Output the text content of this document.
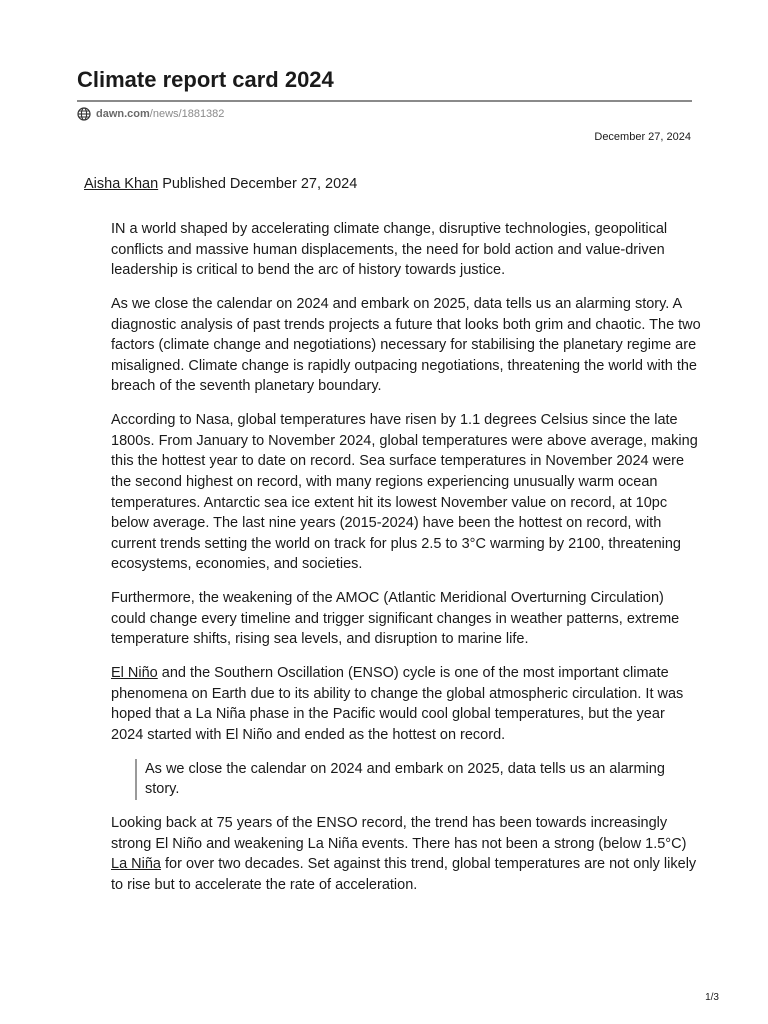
Climate report card 2024
dawn.com /news/1881382
December 27, 2024
Aisha Khan Published December 27, 2024

IN a world shaped by accelerating climate change, disruptive technologies, geopolitical conflicts and massive human displacements, the need for bold action and value-driven leadership is critical to bend the arc of history towards justice.

As we close the calendar on 2024 and embark on 2025, data tells us an alarming story. A diagnostic analysis of past trends projects a future that looks both grim and chaotic. The two factors (climate change and negotiations) necessary for stabilising the planetary regime are misaligned. Climate change is rapidly outpacing negotiations, threatening the world with the breach of the seventh planetary boundary.

According to Nasa, global temperatures have risen by 1.1 degrees Celsius since the late 1800s. From January to November 2024, global temperatures were above average, making this the hottest year to date on record. Sea surface temperatures in November 2024 were the second highest on record, with many regions experiencing unusually warm ocean temperatures. Antarctic sea ice extent hit its lowest November value on record, at 10pc below average. The last nine years (2015-2024) have been the hottest on record, with current trends setting the world on track for plus 2.5 to 3°C warming by 2100, threatening ecosystems, economies, and societies.

Furthermore, the weakening of the AMOC (Atlantic Meridional Overturning Circulation) could change every timeline and trigger significant changes in weather patterns, extreme temperature shifts, rising sea levels, and disruption to marine life.

El Niño and the Southern Oscillation (ENSO) cycle is one of the most important climate phenomena on Earth due to its ability to change the global atmospheric circulation. It was hoped that a La Niña phase in the Pacific would cool global temperatures, but the year 2024 started with El Niño and ended as the hottest on record.

As we close the calendar on 2024 and embark on 2025, data tells us an alarming story.

Looking back at 75 years of the ENSO record, the trend has been towards increasingly strong El Niño and weakening La Niña events. There has not been a strong (below 1.5°C) La Niña for over two decades. Set against this trend, global temperatures are not only likely to rise but to accelerate the rate of acceleration.

1/3
